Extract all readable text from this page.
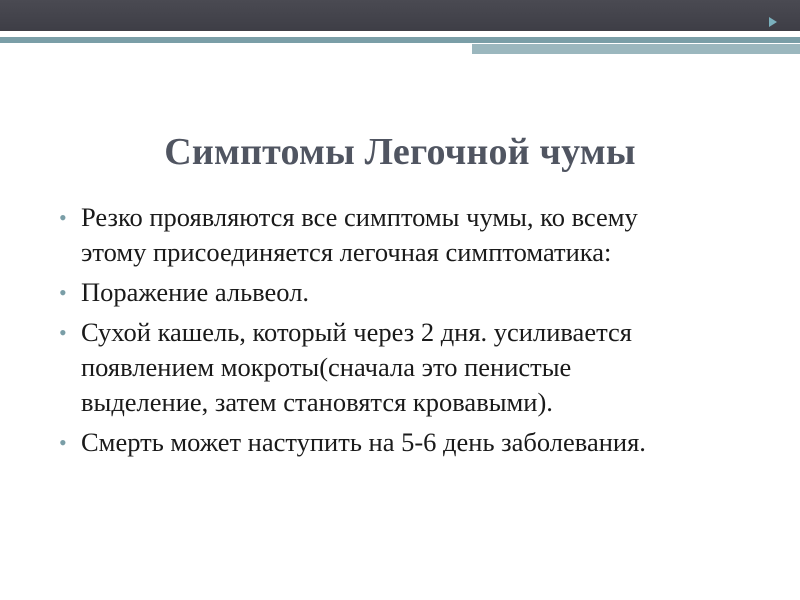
Симптомы Легочной чумы
• Резко проявляются все симптомы чумы, ко всему
этому присоединяется легочная симптоматика:
• Поражение альвеол.
• Сухой кашель, который через 2 дня. усиливается
появлением мокроты(сначала это пенистые
выделение, затем становятся кровавыми).
• Смерть может наступить на 5-6 день заболевания.
